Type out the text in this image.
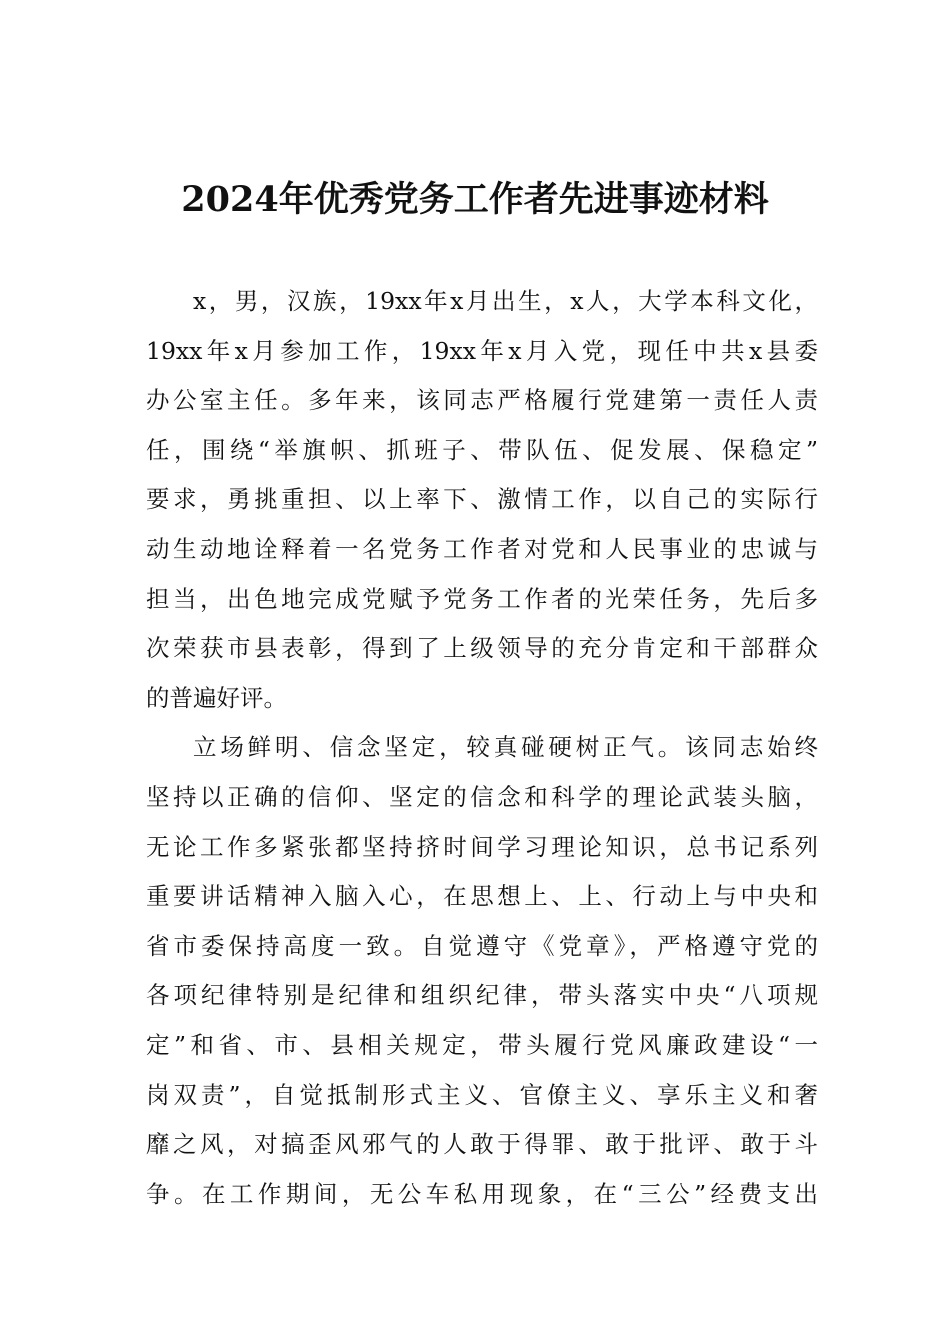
2024年优秀党务工作者先进事迹材料
x，男，汉族，19xx年x月出生，x人，大学本科文化，
19xx年x月参加工作，19xx年x月入党，现任中共x县委
办公室主任。多年来，该同志严格履行党建第一责任人责
任，围绕“举旗帜、抓班子、带队伍、促发展、保稳定”
要求，勇挑重担、以上率下、激情工作，以自己的实际行
动生动地诠释着一名党务工作者对党和人民事业的忠诚与
担当，出色地完成党赋予党务工作者的光荣任务，先后多
次荣获市县表彰，得到了上级领导的充分肯定和干部群众
的普遍好评。
立场鲜明、信念坚定，较真碰硬树正气。该同志始终
坚持以正确的信仰、坚定的信念和科学的理论武装头脑，
无论工作多紧张都坚持挤时间学习理论知识，总书记系列
重要讲话精神入脑入心，在思想上、上、行动上与中央和
省市委保持高度一致。自觉遵守《党章》，严格遵守党的
各项纪律特别是纪律和组织纪律，带头落实中央“八项规
定”和省、市、县相关规定，带头履行党风廉政建设“一
岗双责”，自觉抵制形式主义、官僚主义、享乐主义和奢
靡之风，对搞歪风邪气的人敢于得罪、敢于批评、敢于斗
争。在工作期间，无公车私用现象，在“三公”经费支出
